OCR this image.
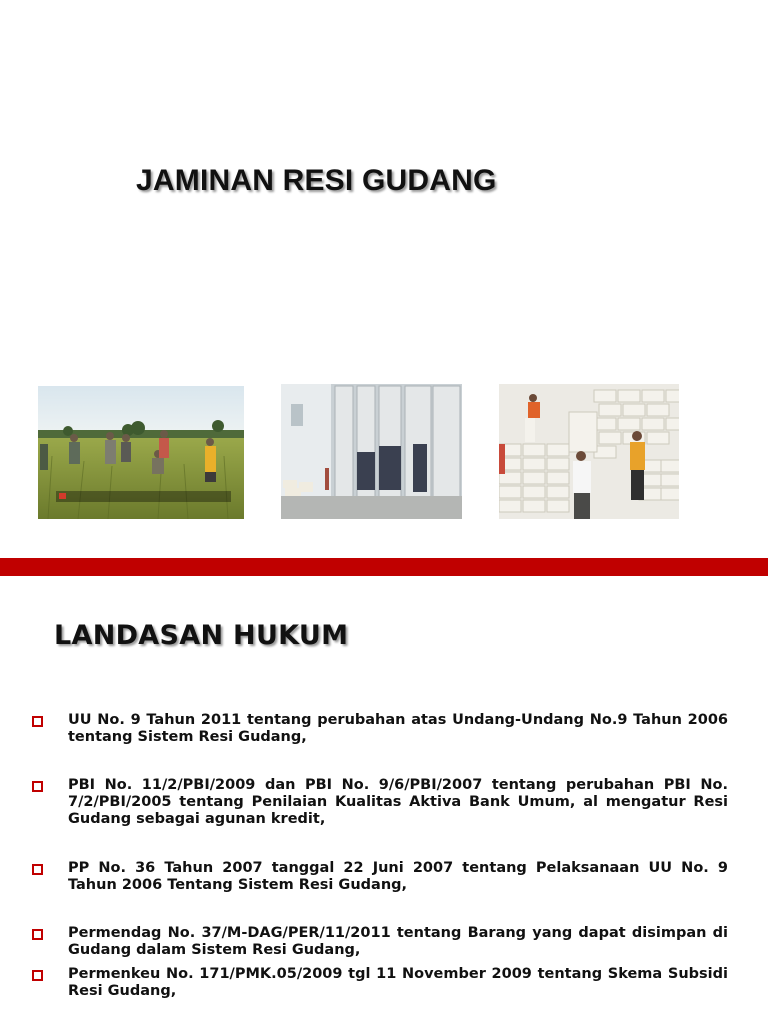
JAMINAN RESI GUDANG
LANDASAN HUKUM
UU No. 9 Tahun 2011 tentang perubahan atas Undang-Undang No.9 Tahun 2006 tentang Sistem Resi Gudang,
PBI No. 11/2/PBI/2009 dan PBI No. 9/6/PBI/2007 tentang perubahan PBI No. 7/2/PBI/2005 tentang Penilaian Kualitas Aktiva Bank Umum, al mengatur Resi Gudang sebagai agunan kredit,
PP No. 36 Tahun 2007 tanggal 22 Juni 2007 tentang Pelaksanaan UU No. 9 Tahun 2006 Tentang Sistem Resi Gudang,
Permendag No. 37/M-DAG/PER/11/2011 tentang Barang yang dapat disimpan di Gudang dalam Sistem Resi Gudang,
Permenkeu No. 171/PMK.05/2009 tgl 11 November 2009 tentang Skema Subsidi Resi Gudang,
